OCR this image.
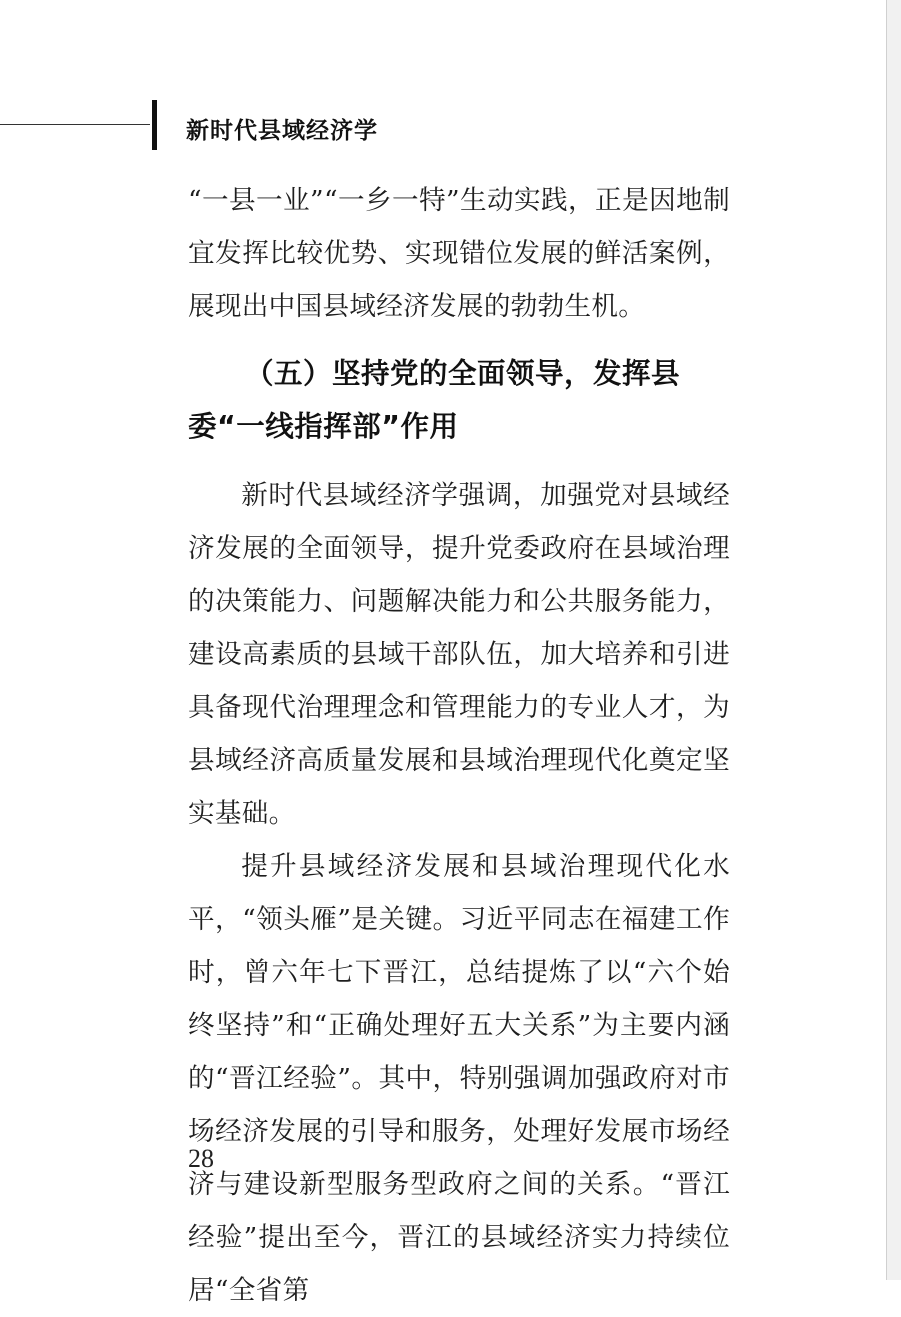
新时代县域经济学

“一县一业”“一乡一特”生动实践，正是因地制宜发挥比较优势、实现错位发展的鲜活案例，展现出中国县域经济发展的勃勃生机。

（五）坚持党的全面领导，发挥县委“一线指挥部”作用

新时代县域经济学强调，加强党对县域经济发展的全面领导，提升党委政府在县域治理的决策能力、问题解决能力和公共服务能力，建设高素质的县域干部队伍，加大培养和引进具备现代治理理念和管理能力的专业人才，为县域经济高质量发展和县域治理现代化奠定坚实基础。

提升县域经济发展和县域治理现代化水平，“领头雁”是关键。习近平同志在福建工作时，曾六年七下晋江，总结提炼了以“六个始终坚持”和“正确处理好五大关系”为主要内涵的“晋江经验”。其中，特别强调加强政府对市场经济发展的引导和服务，处理好发展市场经济与建设新型服务型政府之间的关系。“晋江经验”提出至今，晋江的县域经济实力持续位居“全省第

28
